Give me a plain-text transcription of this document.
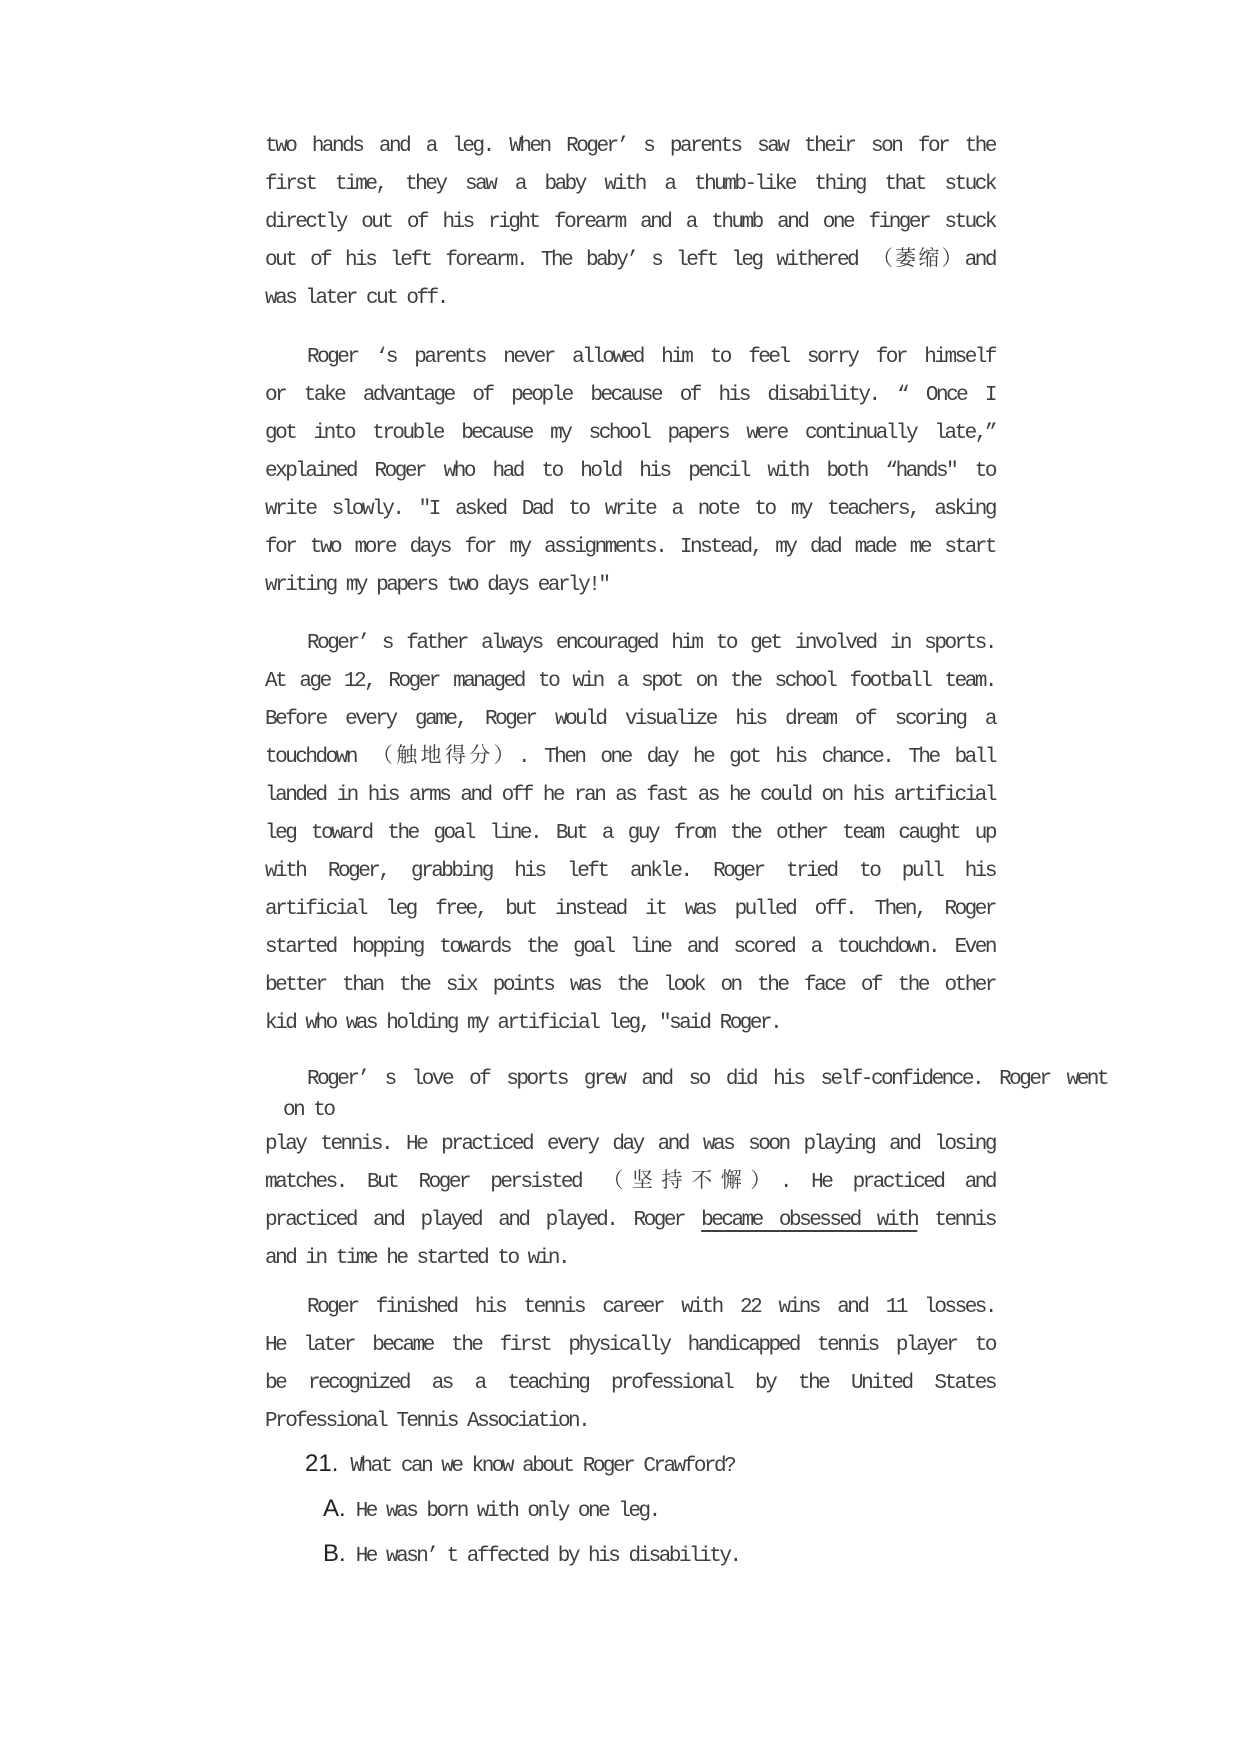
two hands and a leg. When Roger’ s parents saw their son for the
first time, they saw a baby with a thumb-like thing that stuck
directly out of his right forearm and a thumb and one finger stuck
out of his left forearm. The baby’ s left leg withered （萎缩）and
was later cut off.
Roger ‘s parents never allowed him to feel sorry for himself
or take advantage of people because of his disability. “ Once I
got into trouble because my school papers were continually late,”
explained Roger who had to hold his pencil with both “hands″ to
write slowly. ″I asked Dad to write a note to my teachers, asking
for two more days for my assignments. Instead, my dad made me start
writing my papers two days early!″
Roger’ s father always encouraged him to get involved in sports.
At age 12, Roger managed to win a spot on the school football team.
Before every game, Roger would visualize his dream of scoring a
touchdown （触地得分）. Then one day he got his chance. The ball
landed in his arms and off he ran as fast as he could on his artificial
leg toward the goal line. But a guy from the other team caught up
with Roger, grabbing his left ankle. Roger tried to pull his
artificial leg free, but instead it was pulled off. Then, Roger
started hopping towards the goal line and scored a touchdown. Even
better than the six points was the look on the face of the other
kid who was holding my artificial leg, ″said Roger.
Roger’ s love of sports grew and so did his self-confidence. Roger went
on to
play tennis. He practiced every day and was soon playing and losing
matches. But Roger persisted （坚持不懈）. He practiced and
practiced and played and played. Roger became obsessed with tennis
and in time he started to win.
Roger finished his tennis career with 22 wins and 11 losses.
He later became the first physically handicapped tennis player to
be recognized as a teaching professional by the United States
Professional Tennis Association.
21. What can we know about Roger Crawford?
A. He was born with only one leg.
B. He wasn’ t affected by his disability.
